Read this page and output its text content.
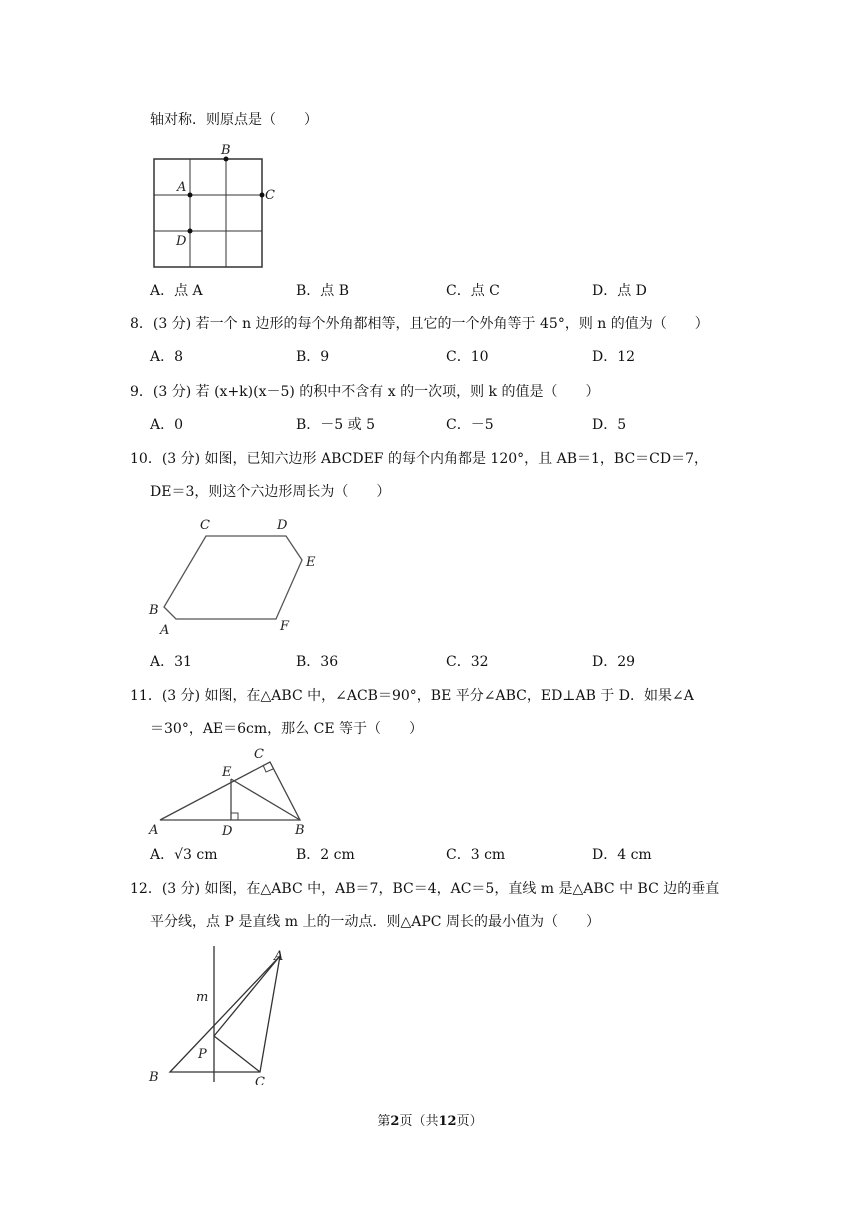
轴对称．则原点是（　　）
B
A
C
D
A．点 A	B．点 B	C．点 C	D．点 D
8．(3 分) 若一个 n 边形的每个外角都相等，且它的一个外角等于 45°，则 n 的值为（　　）
A．8	B．9	C．10	D．12
9．(3 分) 若 (x+k)(x－5) 的积中不含有 x 的一次项，则 k 的值是（　　）
A．0	B．－5 或 5	C．－5	D．5
10．(3 分) 如图，已知六边形 ABCDEF 的每个内角都是 120°，且 AB＝1，BC＝CD＝7，
DE＝3，则这个六边形周长为（　　）
C	D
E
B
A	F
A．31	B．36	C．32	D．29
11．(3 分) 如图，在△ABC 中，∠ACB＝90°，BE 平分∠ABC，ED⊥AB 于 D．如果∠A
＝30°，AE＝6cm，那么 CE 等于（　　）
C
E
A	D	B
A．√3 cm	B．2 cm	C．3 cm	D．4 cm
12．(3 分) 如图，在△ABC 中，AB＝7，BC＝4，AC＝5，直线 m 是△ABC 中 BC 边的垂直
平分线，点 P 是直线 m 上的一动点．则△APC 周长的最小值为（　　）
A
m
P
B	C
第2页（共12页）
